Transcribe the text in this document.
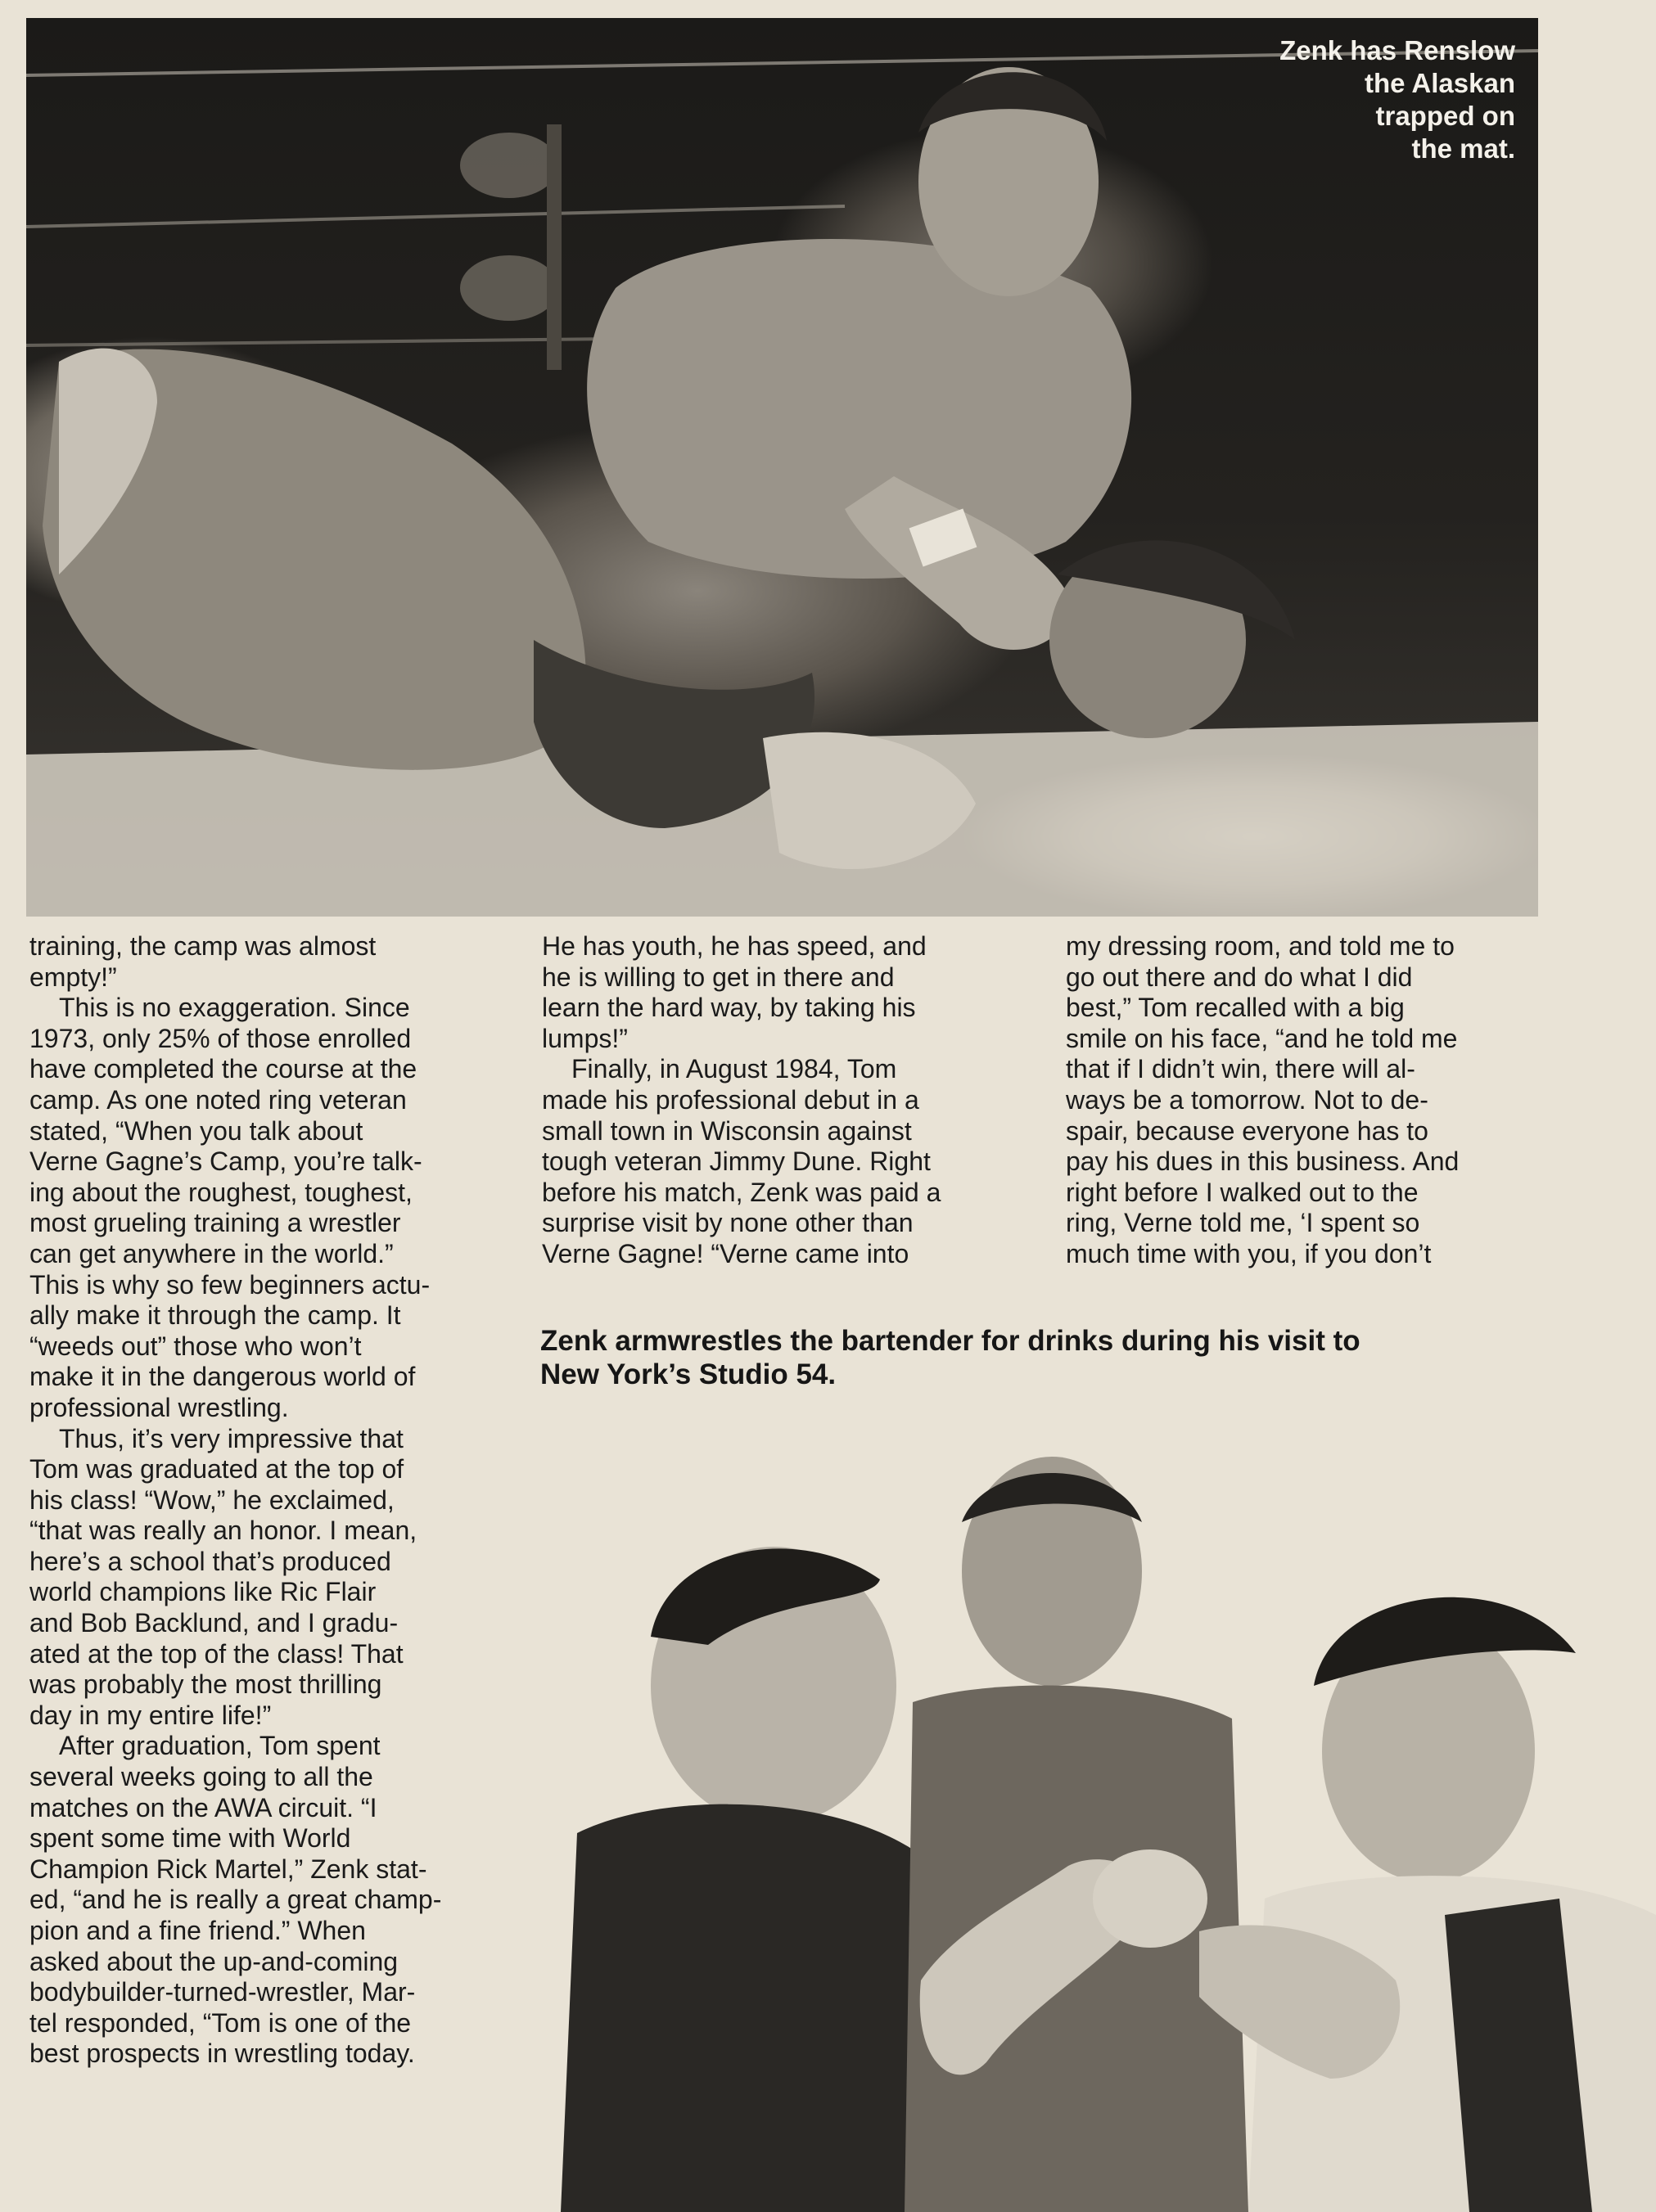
Zenk has Renslow
the Alaskan
trapped on
the mat.

training, the camp was almost

empty!”

This is no exaggeration. Since

1973, only 25% of those enrolled

have completed the course at the

camp. As one noted ring veteran

stated, “When you talk about

Verne Gagne’s Camp, you’re talk-

ing about the roughest, toughest,

most grueling training a wrestler

can get anywhere in the world.”

This is why so few beginners actu-

ally make it through the camp. It

“weeds out” those who won’t

make it in the dangerous world of

professional wrestling.

Thus, it’s very impressive that

Tom was graduated at the top of

his class! “Wow,” he exclaimed,

“that was really an honor. I mean,

here’s a school that’s produced

world champions like Ric Flair

and Bob Backlund, and I gradu-

ated at the top of the class! That

was probably the most thrilling

day in my entire life!”

After graduation, Tom spent

several weeks going to all the

matches on the AWA circuit. “I

spent some time with World

Champion Rick Martel,” Zenk stat-

ed, “and he is really a great champ-

pion and a fine friend.” When

asked about the up-and-coming

bodybuilder-turned-wrestler, Mar-

tel responded, “Tom is one of the

best prospects in wrestling today.

He has youth, he has speed, and

he is willing to get in there and

learn the hard way, by taking his

lumps!”

Finally, in August 1984, Tom

made his professional debut in a

small town in Wisconsin against

tough veteran Jimmy Dune. Right

before his match, Zenk was paid a

surprise visit by none other than

Verne Gagne! “Verne came into

my dressing room, and told me to

go out there and do what I did

best,” Tom recalled with a big

smile on his face, “and he told me

that if I didn’t win, there will al-

ways be a tomorrow. Not to de-

spair, because everyone has to

pay his dues in this business. And

right before I walked out to the

ring, Verne told me, ‘I spent so

much time with you, if you don’t

Zenk armwrestles the bartender for drinks during his visit to
New York’s Studio 54.
